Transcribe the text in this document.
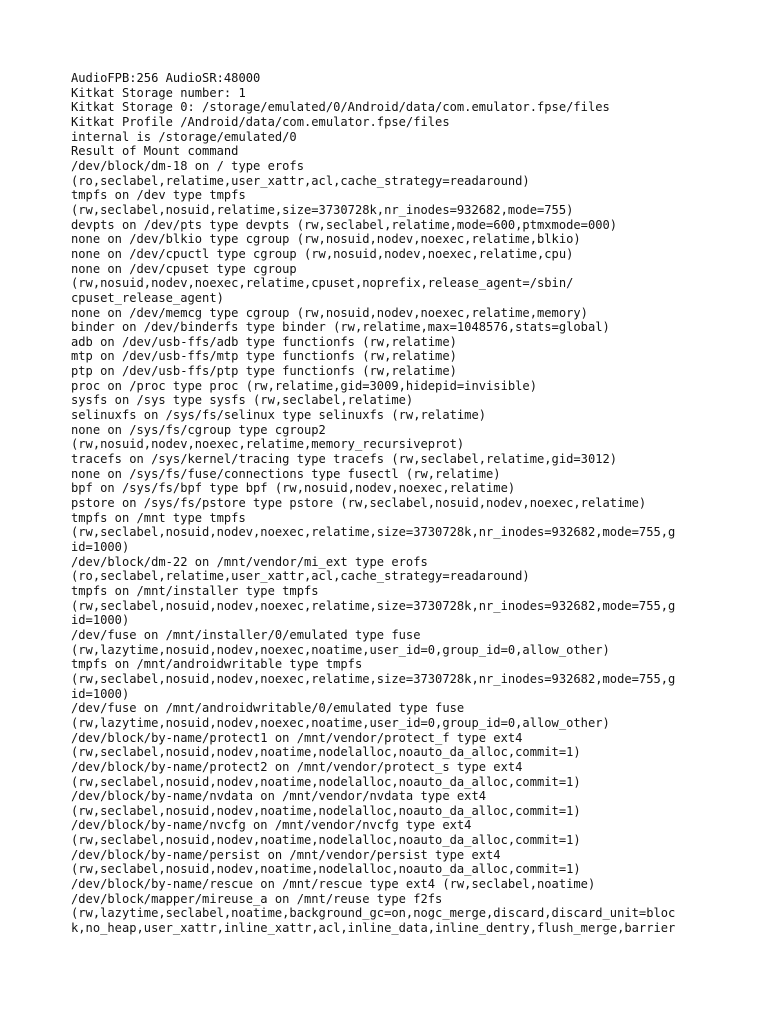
AudioFPB:256 AudioSR:48000
Kitkat Storage number: 1
Kitkat Storage 0: /storage/emulated/0/Android/data/com.emulator.fpse/files
Kitkat Profile /Android/data/com.emulator.fpse/files
internal is /storage/emulated/0
Result of Mount command
/dev/block/dm-18 on / type erofs
(ro,seclabel,relatime,user_xattr,acl,cache_strategy=readaround)
tmpfs on /dev type tmpfs
(rw,seclabel,nosuid,relatime,size=3730728k,nr_inodes=932682,mode=755)
devpts on /dev/pts type devpts (rw,seclabel,relatime,mode=600,ptmxmode=000)
none on /dev/blkio type cgroup (rw,nosuid,nodev,noexec,relatime,blkio)
none on /dev/cpuctl type cgroup (rw,nosuid,nodev,noexec,relatime,cpu)
none on /dev/cpuset type cgroup
(rw,nosuid,nodev,noexec,relatime,cpuset,noprefix,release_agent=/sbin/
cpuset_release_agent)
none on /dev/memcg type cgroup (rw,nosuid,nodev,noexec,relatime,memory)
binder on /dev/binderfs type binder (rw,relatime,max=1048576,stats=global)
adb on /dev/usb-ffs/adb type functionfs (rw,relatime)
mtp on /dev/usb-ffs/mtp type functionfs (rw,relatime)
ptp on /dev/usb-ffs/ptp type functionfs (rw,relatime)
proc on /proc type proc (rw,relatime,gid=3009,hidepid=invisible)
sysfs on /sys type sysfs (rw,seclabel,relatime)
selinuxfs on /sys/fs/selinux type selinuxfs (rw,relatime)
none on /sys/fs/cgroup type cgroup2
(rw,nosuid,nodev,noexec,relatime,memory_recursiveprot)
tracefs on /sys/kernel/tracing type tracefs (rw,seclabel,relatime,gid=3012)
none on /sys/fs/fuse/connections type fusectl (rw,relatime)
bpf on /sys/fs/bpf type bpf (rw,nosuid,nodev,noexec,relatime)
pstore on /sys/fs/pstore type pstore (rw,seclabel,nosuid,nodev,noexec,relatime)
tmpfs on /mnt type tmpfs
(rw,seclabel,nosuid,nodev,noexec,relatime,size=3730728k,nr_inodes=932682,mode=755,g
id=1000)
/dev/block/dm-22 on /mnt/vendor/mi_ext type erofs
(ro,seclabel,relatime,user_xattr,acl,cache_strategy=readaround)
tmpfs on /mnt/installer type tmpfs
(rw,seclabel,nosuid,nodev,noexec,relatime,size=3730728k,nr_inodes=932682,mode=755,g
id=1000)
/dev/fuse on /mnt/installer/0/emulated type fuse
(rw,lazytime,nosuid,nodev,noexec,noatime,user_id=0,group_id=0,allow_other)
tmpfs on /mnt/androidwritable type tmpfs
(rw,seclabel,nosuid,nodev,noexec,relatime,size=3730728k,nr_inodes=932682,mode=755,g
id=1000)
/dev/fuse on /mnt/androidwritable/0/emulated type fuse
(rw,lazytime,nosuid,nodev,noexec,noatime,user_id=0,group_id=0,allow_other)
/dev/block/by-name/protect1 on /mnt/vendor/protect_f type ext4
(rw,seclabel,nosuid,nodev,noatime,nodelalloc,noauto_da_alloc,commit=1)
/dev/block/by-name/protect2 on /mnt/vendor/protect_s type ext4
(rw,seclabel,nosuid,nodev,noatime,nodelalloc,noauto_da_alloc,commit=1)
/dev/block/by-name/nvdata on /mnt/vendor/nvdata type ext4
(rw,seclabel,nosuid,nodev,noatime,nodelalloc,noauto_da_alloc,commit=1)
/dev/block/by-name/nvcfg on /mnt/vendor/nvcfg type ext4
(rw,seclabel,nosuid,nodev,noatime,nodelalloc,noauto_da_alloc,commit=1)
/dev/block/by-name/persist on /mnt/vendor/persist type ext4
(rw,seclabel,nosuid,nodev,noatime,nodelalloc,noauto_da_alloc,commit=1)
/dev/block/by-name/rescue on /mnt/rescue type ext4 (rw,seclabel,noatime)
/dev/block/mapper/mireuse_a on /mnt/reuse type f2fs
(rw,lazytime,seclabel,noatime,background_gc=on,nogc_merge,discard,discard_unit=bloc
k,no_heap,user_xattr,inline_xattr,acl,inline_data,inline_dentry,flush_merge,barrier
